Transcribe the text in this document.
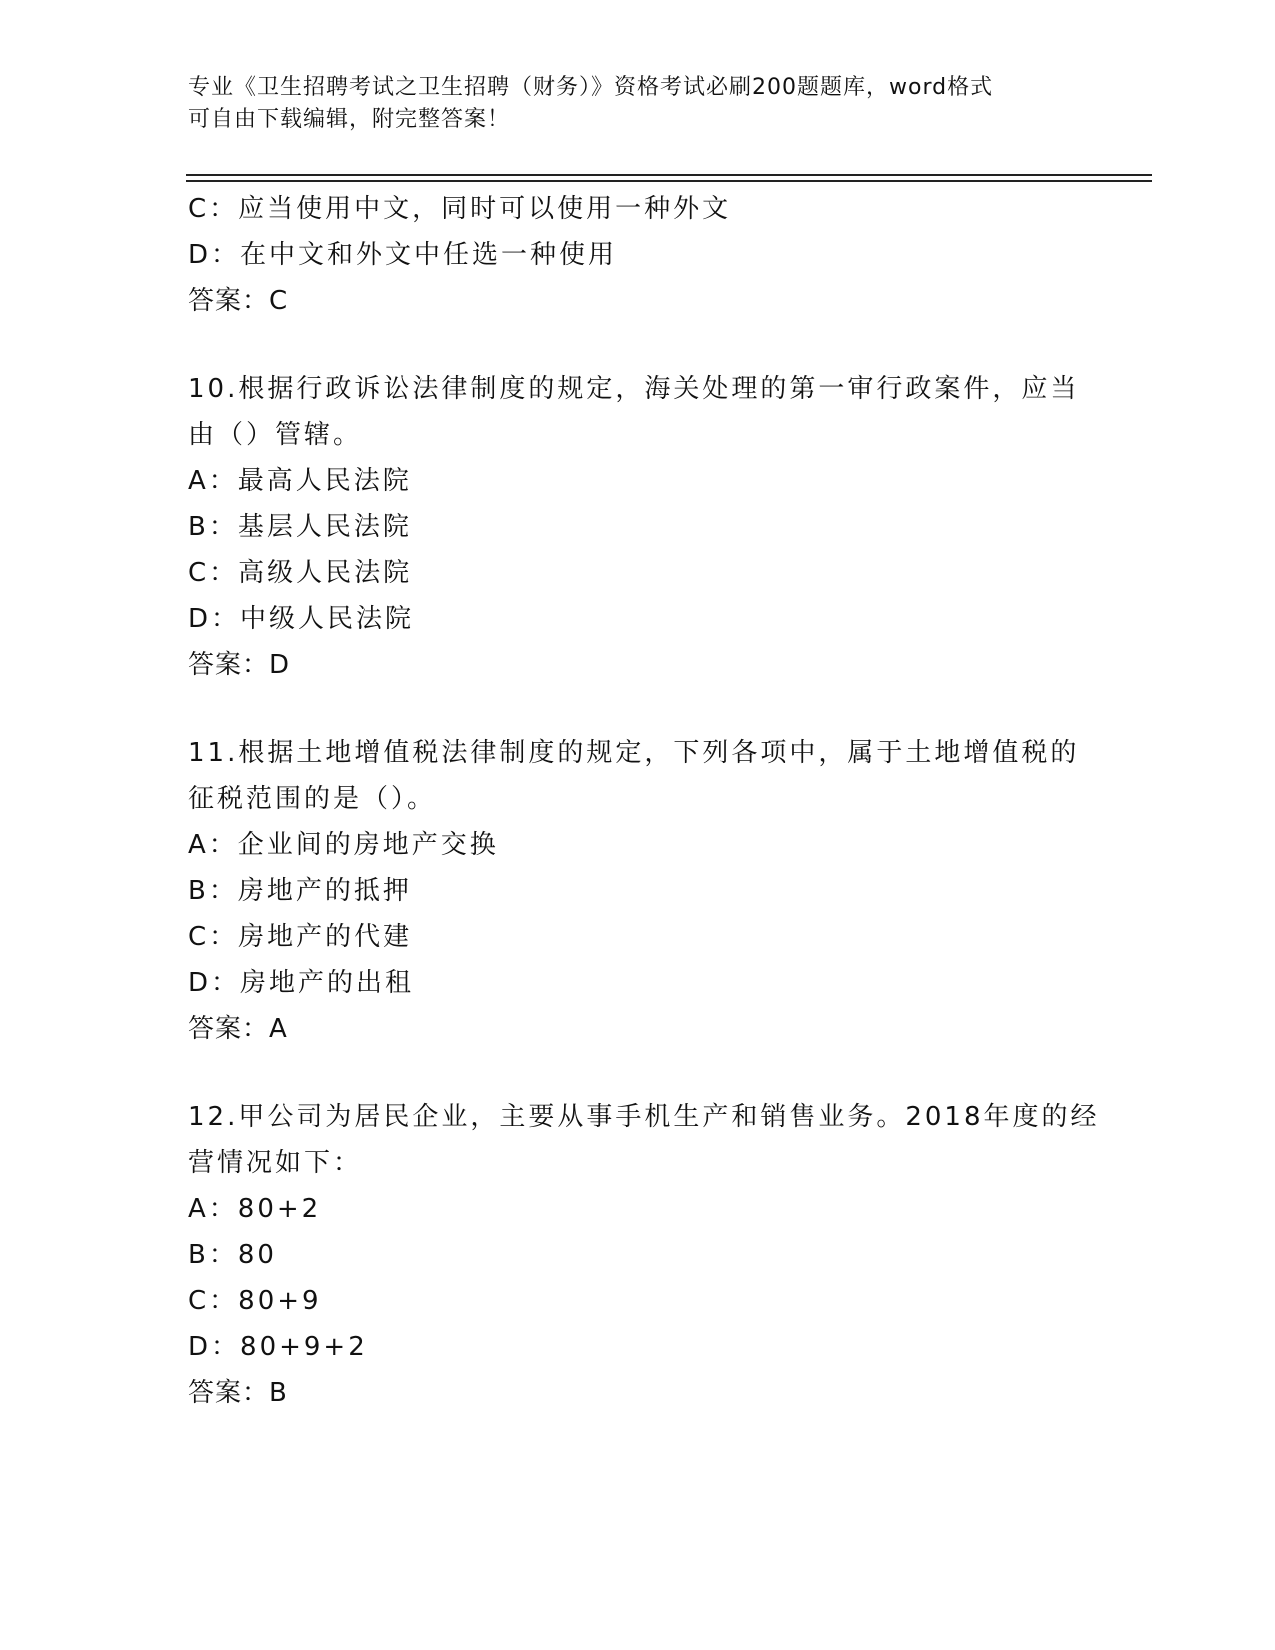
专业《卫生招聘考试之卫生招聘（财务）》资格考试必刷200题题库，word格式
可自由下载编辑，附完整答案！
C：应当使用中文，同时可以使用一种外文
D：在中文和外文中任选一种使用
答案：C
10.根据行政诉讼法律制度的规定，海关处理的第一审行政案件，应当
由（）管辖。
A：最高人民法院
B：基层人民法院
C：高级人民法院
D：中级人民法院
答案：D
11.根据土地增值税法律制度的规定，下列各项中，属于土地增值税的
征税范围的是（）。
A：企业间的房地产交换
B：房地产的抵押
C：房地产的代建
D：房地产的出租
答案：A
12.甲公司为居民企业，主要从事手机生产和销售业务。2018年度的经
营情况如下：
A：80+2
B：80
C：80+9
D：80+9+2
答案：B
